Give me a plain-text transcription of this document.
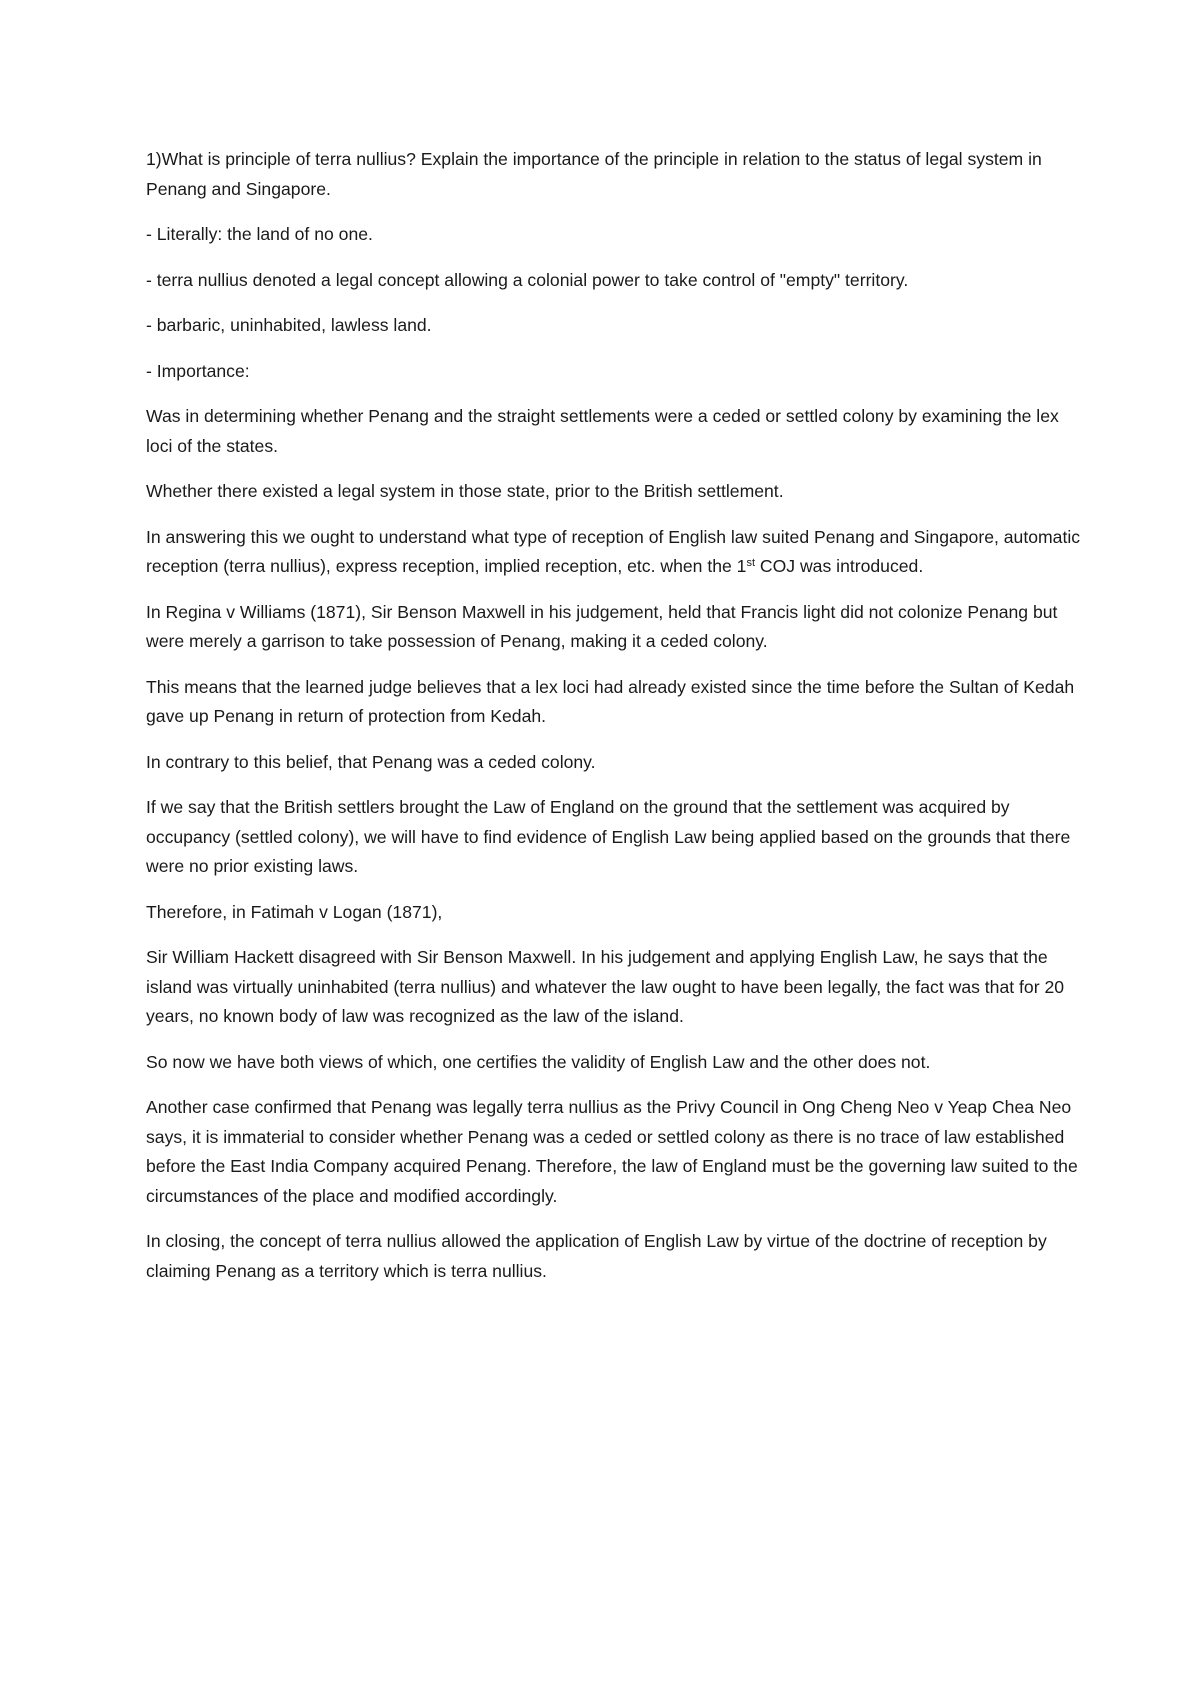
1)What is principle of terra nullius? Explain the importance of the principle in relation to the status of legal system in Penang and Singapore.

- Literally: the land of no one.

- terra nullius denoted a legal concept allowing a colonial power to take control of "empty" territory.

- barbaric, uninhabited, lawless land.

- Importance:

Was in determining whether Penang and the straight settlements were a ceded or settled colony by examining the lex loci of the states.

Whether there existed a legal system in those state, prior to the British settlement.

In answering this we ought to understand what type of reception of English law suited Penang and Singapore, automatic reception (terra nullius), express reception, implied reception, etc. when the 1st COJ was introduced.

In Regina v Williams (1871), Sir Benson Maxwell in his judgement, held that Francis light did not colonize Penang but were merely a garrison to take possession of Penang, making it a ceded colony.

This means that the learned judge believes that a lex loci had already existed since the time before the Sultan of Kedah gave up Penang in return of protection from Kedah.

In contrary to this belief, that Penang was a ceded colony.

If we say that the British settlers brought the Law of England on the ground that the settlement was acquired by occupancy (settled colony), we will have to find evidence of English Law being applied based on the grounds that there were no prior existing laws.

Therefore, in Fatimah v Logan (1871),

Sir William Hackett disagreed with Sir Benson Maxwell. In his judgement and applying English Law, he says that the island was virtually uninhabited (terra nullius) and whatever the law ought to have been legally, the fact was that for 20 years, no known body of law was recognized as the law of the island.

So now we have both views of which, one certifies the validity of English Law and the other does not.

Another case confirmed that Penang was legally terra nullius as the Privy Council in Ong Cheng Neo v Yeap Chea Neo says, it is immaterial to consider whether Penang was a ceded or settled colony as there is no trace of law established before the East India Company acquired Penang. Therefore, the law of England must be the governing law suited to the circumstances of the place and modified accordingly.

In closing, the concept of terra nullius allowed the application of English Law by virtue of the doctrine of reception by claiming Penang as a territory which is terra nullius.
